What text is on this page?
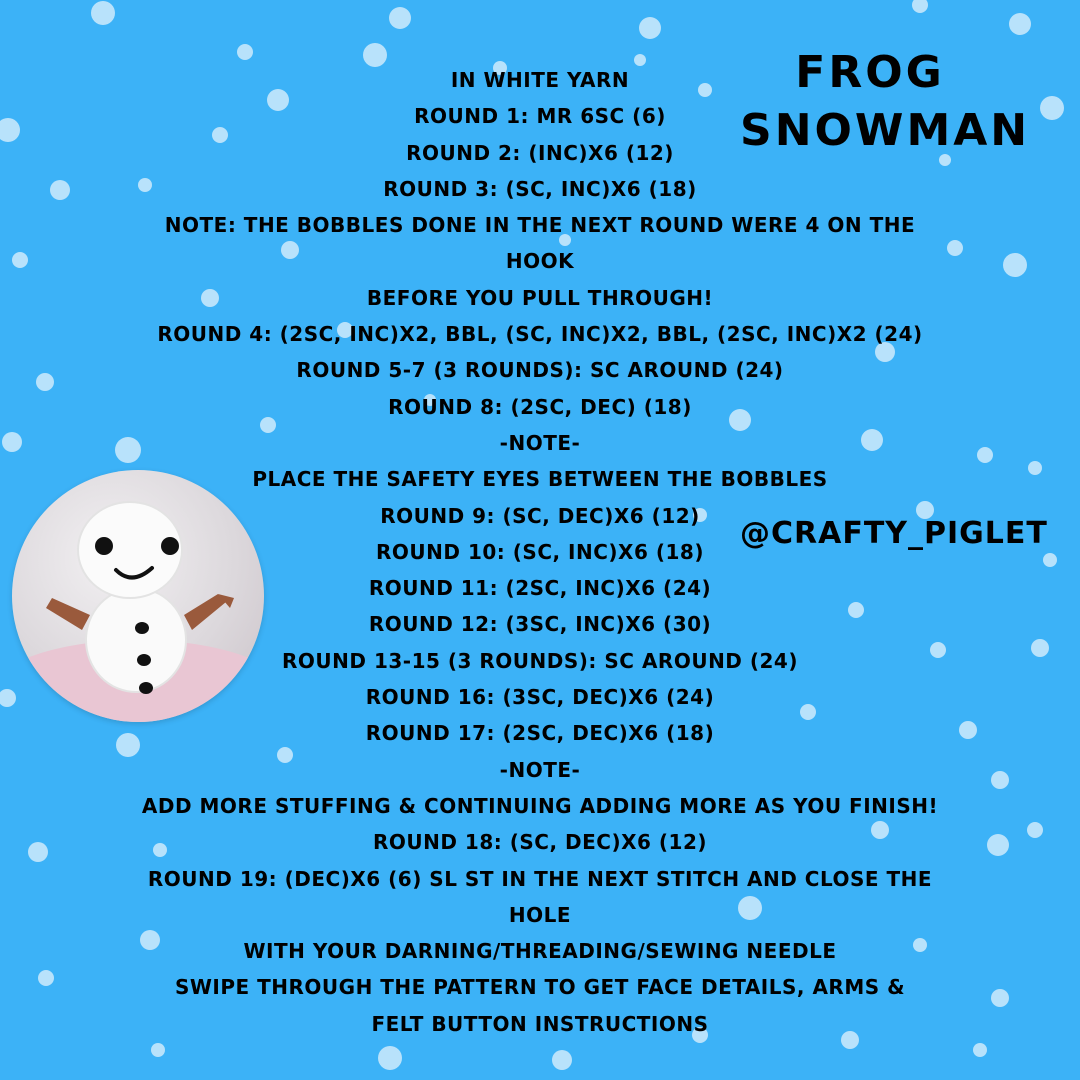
FROG
SNOWMAN
@CRAFTY_PIGLET
IN WHITE YARN
ROUND 1: MR 6SC (6)
ROUND 2: (INC)X6 (12)
ROUND 3: (SC, INC)X6 (18)
NOTE: THE BOBBLES DONE IN THE NEXT ROUND WERE 4 ON THE
HOOK
BEFORE YOU PULL THROUGH!
ROUND 4: (2SC, INC)X2, BBL, (SC, INC)X2, BBL, (2SC, INC)X2 (24)
ROUND 5-7 (3 ROUNDS): SC AROUND (24)
ROUND 8: (2SC, DEC) (18)
-NOTE-
PLACE THE SAFETY EYES BETWEEN THE BOBBLES
ROUND 9: (SC, DEC)X6 (12)
ROUND 10: (SC, INC)X6 (18)
ROUND 11: (2SC, INC)X6 (24)
ROUND 12: (3SC, INC)X6 (30)
ROUND 13-15 (3 ROUNDS): SC AROUND (24)
ROUND 16: (3SC, DEC)X6 (24)
ROUND 17: (2SC, DEC)X6 (18)
-NOTE-
ADD MORE STUFFING & CONTINUING ADDING MORE AS YOU FINISH!
ROUND 18: (SC, DEC)X6 (12)
ROUND 19: (DEC)X6 (6) SL ST IN THE NEXT STITCH AND CLOSE THE
HOLE
WITH YOUR DARNING/THREADING/SEWING NEEDLE
SWIPE THROUGH THE PATTERN TO GET FACE DETAILS, ARMS &
FELT BUTTON INSTRUCTIONS
